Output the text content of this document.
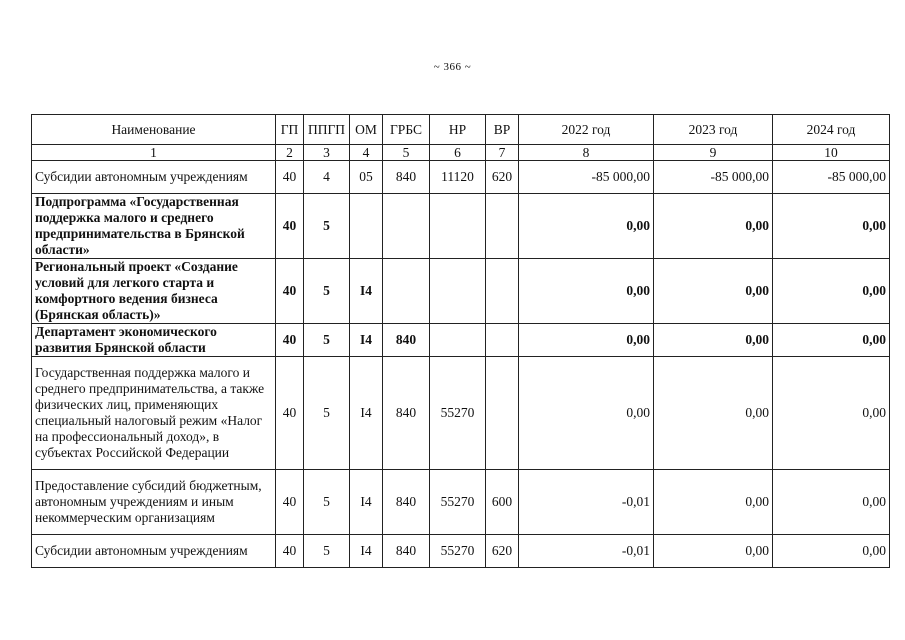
~ 366 ~
Наименование	ГП	ППГП	ОМ	ГРБС	НР	ВР	2022 год	2023 год	2024 год
1	2	3	4	5	6	7	8	9	10
Субсидии автономным учреждениям	40	4	05	840	11120	620	-85 000,00	-85 000,00	-85 000,00
Подпрограмма «Государственная поддержка малого и среднего предпринимательства в Брянской области»	40	5					0,00	0,00	0,00
Региональный проект «Создание условий для легкого старта и комфортного ведения бизнеса (Брянская область)»	40	5	I4				0,00	0,00	0,00
Департамент экономического развития Брянской области	40	5	I4	840			0,00	0,00	0,00
Государственная поддержка малого и среднего предпринимательства, а также физических лиц, применяющих специальный налоговый режим «Налог на профессиональный доход», в субъектах Российской Федерации	40	5	I4	840	55270		0,00	0,00	0,00
Предоставление субсидий бюджетным, автономным учреждениям и иным некоммерческим организациям	40	5	I4	840	55270	600	-0,01	0,00	0,00
Субсидии автономным учреждениям	40	5	I4	840	55270	620	-0,01	0,00	0,00
